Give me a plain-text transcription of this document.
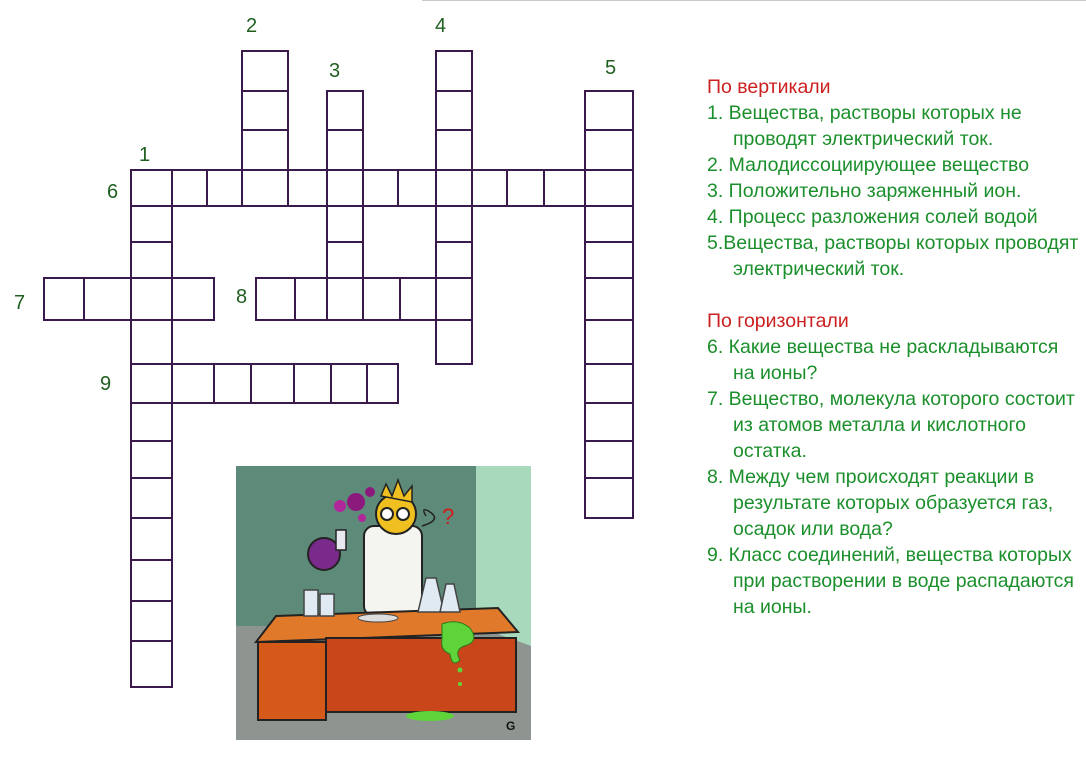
1
2
3
4
5
6
7	8
9
?
G
По вертикали
1. Вещества, растворы которых не проводят электрический ток.
2. Малодиссоциирующее вещество
3. Положительно заряженный ион.
4. Процесс разложения солей водой
5.Вещества, растворы которых проводят электрический ток.
По горизонтали
6. Какие вещества не раскладываются на ионы?
7. Вещество, молекула которого состоит из атомов металла и кислотного остатка.
8. Между чем происходят реакции в результате которых образуется газ, осадок или вода?
9. Класс соединений, вещества которых при растворении в воде распадаются на ионы.
